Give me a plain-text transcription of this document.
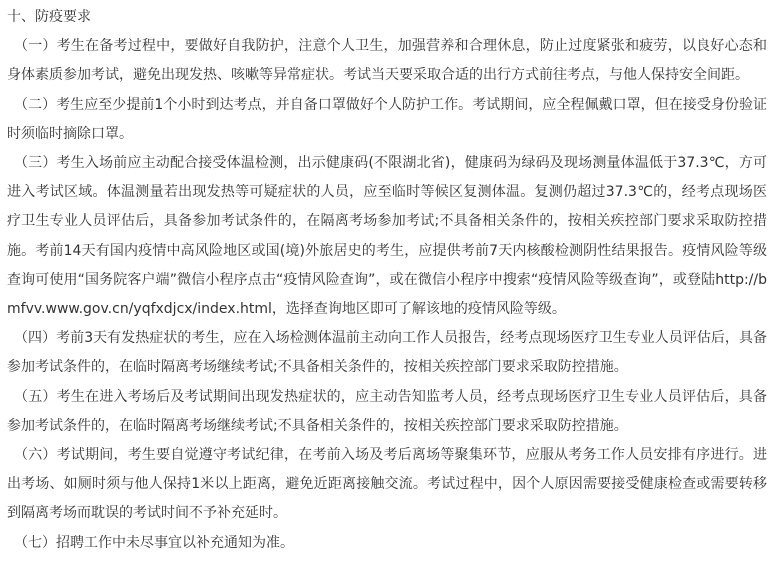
十、防疫要求

（一）考生在备考过程中，要做好自我防护，注意个人卫生，加强营养和合理休息，防止过度紧张和疲劳，以良好心态和身体素质参加考试，避免出现发热、咳嗽等异常症状。考试当天要采取合适的出行方式前往考点，与他人保持安全间距。

（二）考生应至少提前1个小时到达考点，并自备口罩做好个人防护工作。考试期间，应全程佩戴口罩，但在接受身份验证时须临时摘除口罩。

（三）考生入场前应主动配合接受体温检测，出示健康码(不限湖北省)，健康码为绿码及现场测量体温低于37.3℃，方可进入考试区域。体温测量若出现发热等可疑症状的人员，应至临时等候区复测体温。复测仍超过37.3℃的，经考点现场医疗卫生专业人员评估后，具备参加考试条件的，在隔离考场参加考试;不具备相关条件的，按相关疾控部门要求采取防控措施。考前14天有国内疫情中高风险地区或国(境)外旅居史的考生，应提供考前7天内核酸检测阴性结果报告。疫情风险等级查询可使用“国务院客户端”微信小程序点击“疫情风险查询”，或在微信小程序中搜索“疫情风险等级查询”，或登陆http://bmfvv.www.gov.cn/yqfxdjcx/index.html，选择查询地区即可了解该地的疫情风险等级。

（四）考前3天有发热症状的考生，应在入场检测体温前主动向工作人员报告，经考点现场医疗卫生专业人员评估后，具备参加考试条件的，在临时隔离考场继续考试;不具备相关条件的，按相关疾控部门要求采取防控措施。

（五）考生在进入考场后及考试期间出现发热症状的，应主动告知监考人员，经考点现场医疗卫生专业人员评估后，具备参加考试条件的，在临时隔离考场继续考试;不具备相关条件的，按相关疾控部门要求采取防控措施。

（六）考试期间，考生要自觉遵守考试纪律，在考前入场及考后离场等聚集环节，应服从考务工作人员安排有序进行。进出考场、如厕时须与他人保持1米以上距离，避免近距离接触交流。考试过程中，因个人原因需要接受健康检查或需要转移到隔离考场而耽误的考试时间不予补充延时。

（七）招聘工作中未尽事宜以补充通知为准。
